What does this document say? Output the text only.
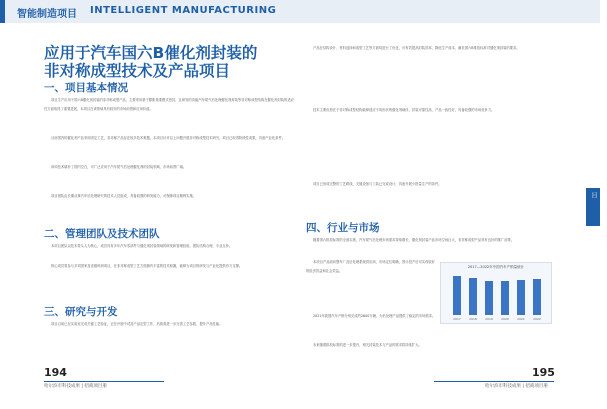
智能制造项目 INTELLIGENT MANUFACTURING
应用于汽车国六B催化剂封装的
非对称成型技术及产品项目
一、项目基本情况
项目生产应用于国六B催化剂封装的非对称成型产品，主要采用基于膨胀基准模式密封，且研发的功能汽车尾气后处理催化剂封装等非对称成型结构在催化剂封装的适应性方面取得了重要进展，本项目在该领域具有较好的市场前景和应用价值。
目前国内的催化剂产品采用固定工艺，非对称产品存在较多技术难题。本项目针对以上问题开展非对称成型技术研究，项目已取得阶段性成果，具备产业化条件。
该项技术填补了国内空白，可广泛应用于汽车尾气后处理催化剂的封装领域，市场前景广阔。
项目团队由长期从事汽车后处理研究的技术人员组成，具备较强的研发能力，可保障项目顺利实施。
二、管理团队及技术团队
本项目团队以技术带头人为核心，成员具有多年汽车零部件与催化剂封装领域的研发和管理经验，团队结构合理，专业互补。
核心成员曾参与多项国家及省级科研项目，在非对称成型工艺方面拥有丰富的技术积累，能够为项目的研发与产业化提供有力支撑。
三、研究与开发
项目目前已在实验室完成关键工艺验证，正在开展中试及产品定型工作，后续将进一步完善工艺参数，提升产品性能。
产品在结构设计、材料选择和成型工艺等方面均进行了优化，可有效提高封装效率，降低生产成本，满足国六B排放标准对催化剂封装的要求。
技术主要优势在于非对称成型结构能够适应不同形状的催化剂载体，封装可靠性高，产品一致性好，具备较强的市场竞争力。
项目已形成完整的工艺路线，关键设备与工装已完成设计，具备开展小批量生产的条件。
四、行业与市场
随着国六排放标准的全面实施，汽车尾气后处理市场需求持续增长，催化剂封装产品市场空间巨大，非对称成型产品具有良好的推广前景。
本项目产品面向整车厂及后处理系统供应商，市场定位明确，预计投产后可实现较好的经济效益和社会效益。
2021年我国汽车产销分别完成约2600万辆，为后处理产品提供了稳定的市场需求。
未来随着排放标准的进一步提升，相关封装技术与产品的需求将持续扩大。
2017—2022年中国汽车产销量统计
2017	2018	2019	2020	2021	2022
智能制造项目
194	195
哈尔滨市科技成果 | 招商项目册	哈尔滨市科技成果 | 招商项目册
